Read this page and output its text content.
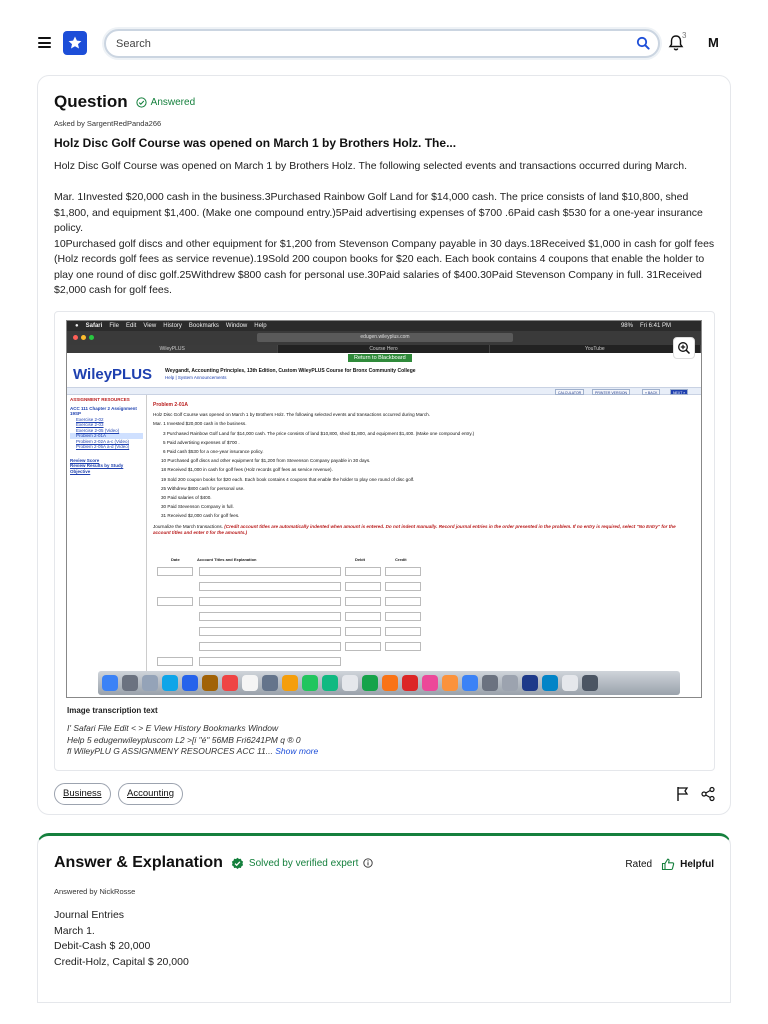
Search
3 M
Question Answered
Asked by SargentRedPanda266
Holz Disc Golf Course was opened on March 1 by Brothers Holz. The...

Holz Disc Golf Course was opened on March 1 by Brothers Holz. The following selected events and transactions occurred during March.

Mar. 1Invested $20,000 cash in the business.3Purchased Rainbow Golf Land for $14,000 cash. The price consists of land $10,800, shed $1,800, and equipment $1,400. (Make one compound entry.)5Paid advertising expenses of $700 .6Paid cash $530 for a one-year insurance policy.

10Purchased golf discs and other equipment for $1,200 from Stevenson Company payable in 30 days.18Received $1,000 in cash for golf fees (Holz records golf fees as service revenue).19Sold 200 coupon books for $20 each. Each book contains 4 coupons that enable the holder to play one round of disc golf.25Withdrew $800 cash for personal use.30Paid salaries of $400.30Paid Stevenson Company in full. 31Received $2,000 cash for golf fees.

● Safari File Edit View History Bookmarks Window Help	98% Fri 6:41 PM
edugen.wileyplus.com
WileyPLUS	Course Hero	YouTube
Return to Blackboard
WileyPLUS	Weygandt, Accounting Principles, 13th Edition, Custom WileyPLUS Course for Bronx Community College
Help | System Announcements
CALCULATOR	PRINTER VERSION	« BACK	NEXT »
ASSIGNMENT RESOURCES
ACC 111 Chapter 2 Assignment 19SP
Exercise 2-02
Exercise 2-03
Exercise 2-05 (Video)
Problem 2-01A
Problem 2-02A a-c (Video)
Problem 2-05A a-d (Video)
Review Score
Review Results by Study Objective
Problem 2-01A
Holz Disc Golf Course was opened on March 1 by Brothers Holz. The following selected events and transactions occurred during March.
Mar. 1 Invested $20,000 cash in the business.
3 Purchased Rainbow Golf Land for $14,000 cash. The price consists of land $10,800, shed $1,800, and equipment $1,400. (Make one compound entry.)
5 Paid advertising expenses of $700 .
6 Paid cash $530 for a one-year insurance policy.
10 Purchased golf discs and other equipment for $1,200 from Stevenson Company payable in 30 days.
18 Received $1,000 in cash for golf fees (Holz records golf fees as service revenue).
19 Sold 200 coupon books for $20 each. Each book contains 4 coupons that enable the holder to play one round of disc golf.
25 Withdrew $800 cash for personal use.
30 Paid salaries of $400.
30 Paid Stevenson Company in full.
31 Received $2,000 cash for golf fees.
Journalize the March transactions. (Credit account titles are automatically indented when amount is entered. Do not indent manually. Record journal entries in the order presented in the problem. If no entry is required, select "No Entry" for the account titles and enter 0 for the amounts.)
Date	Account Titles and Explanation	Debit	Credit
Image transcription text
I' Safari File Edit < > E View History Bookmarks Window
Help 5 edugenwileypluscom L2 >[i "é" 56MB Fri6241PM q ® 0
fl WileyPLU G ASSIGNMENY RESOURCES ACC 11... Show more
Business	Accounting
Answer & Explanation	Solved by verified expert	Rated	Helpful
Answered by NickRosse
Journal Entries
March 1.
Debit-Cash $ 20,000
Credit-Holz, Capital $ 20,000
